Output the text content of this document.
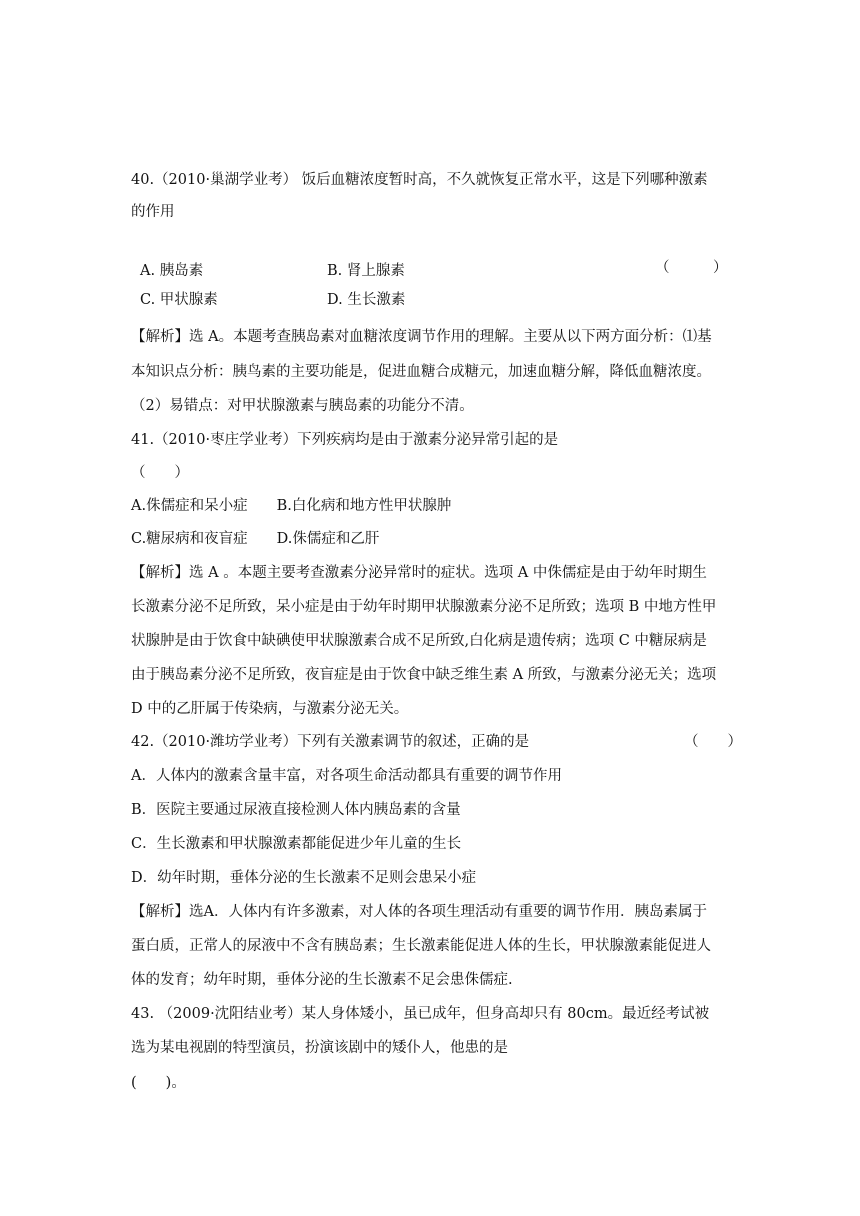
40.（2010·巢湖学业考） 饭后血糖浓度暂时高，不久就恢复正常水平，这是下列哪种激素
的作用
（　　　）
A. 胰岛素	B. 肾上腺素
C. 甲状腺素	D. 生长激素
【解析】选 A。本题考查胰岛素对血糖浓度调节作用的理解。主要从以下两方面分析：⑴基
本知识点分析：胰鸟素的主要功能是，促进血糖合成糖元，加速血糖分解，降低血糖浓度。
（2）易错点：对甲状腺激素与胰岛素的功能分不清。
41.（2010·枣庄学业考）下列疾病均是由于激素分泌异常引起的是
（　　）
A.侏儒症和呆小症　　B.白化病和地方性甲状腺肿
C.糖尿病和夜盲症　　D.侏儒症和乙肝
【解析】选 A 。本题主要考查激素分泌异常时的症状。选项 A 中侏儒症是由于幼年时期生
长激素分泌不足所致，呆小症是由于幼年时期甲状腺激素分泌不足所致；选项 B 中地方性甲
状腺肿是由于饮食中缺碘使甲状腺激素合成不足所致,白化病是遗传病；选项 C 中糖尿病是
由于胰岛素分泌不足所致，夜盲症是由于饮食中缺乏维生素 A 所致，与激素分泌无关；选项
D 中的乙肝属于传染病，与激素分泌无关。
42.（2010·潍坊学业考）下列有关激素调节的叙述，正确的是	（　　）
A．人体内的激素含量丰富，对各项生命活动都具有重要的调节作用
B．医院主要通过尿液直接检测人体内胰岛素的含量
C．生长激素和甲状腺激素都能促进少年儿童的生长
D．幼年时期，垂体分泌的生长激素不足则会患呆小症
【解析】选A．人体内有许多激素，对人体的各项生理活动有重要的调节作用．胰岛素属于
蛋白质，正常人的尿液中不含有胰岛素；生长激素能促进人体的生长，甲状腺激素能促进人
体的发育；幼年时期，垂体分泌的生长激素不足会患侏儒症.
43. （2009·沈阳结业考）某人身体矮小，虽已成年，但身高却只有 80cm。最近经考试被
选为某电视剧的特型演员，扮演该剧中的矮仆人，他患的是
(　　)。
